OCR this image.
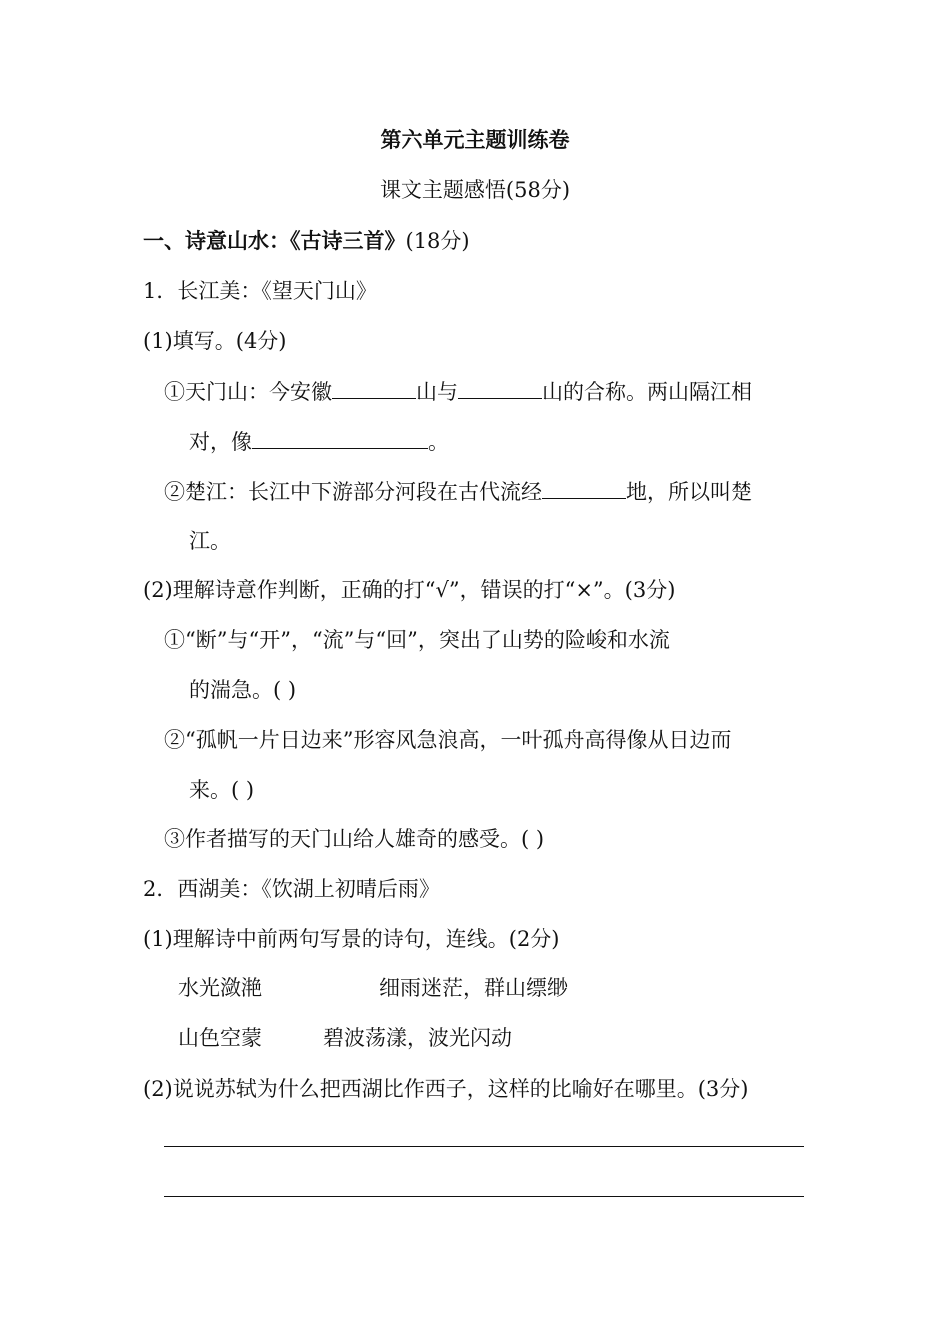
第六单元主题训练卷
课文主题感悟(58分)
一、诗意山水：《古诗三首》(18分)
1．长江美：《望天门山》
(1)填写。(4分)
①天门山：今安徽	山与	山的合称。两山隔江相
对，像	。
②楚江：长江中下游部分河段在古代流经	地，所以叫楚
江。
(2)理解诗意作判断，正确的打“√”，错误的打“×”。(3分)
①“断”与“开”，“流”与“回”，突出了山势的险峻和水流
的湍急。( )
②“孤帆一片日边来”形容风急浪高，一叶孤舟高得像从日边而
来。( )
③作者描写的天门山给人雄奇的感受。( )
2．西湖美：《饮湖上初晴后雨》
(1)理解诗中前两句写景的诗句，连线。(2分)
水光潋滟	细雨迷茫，群山缥缈
山色空蒙	碧波荡漾，波光闪动
(2)说说苏轼为什么把西湖比作西子，这样的比喻好在哪里。(3分)
